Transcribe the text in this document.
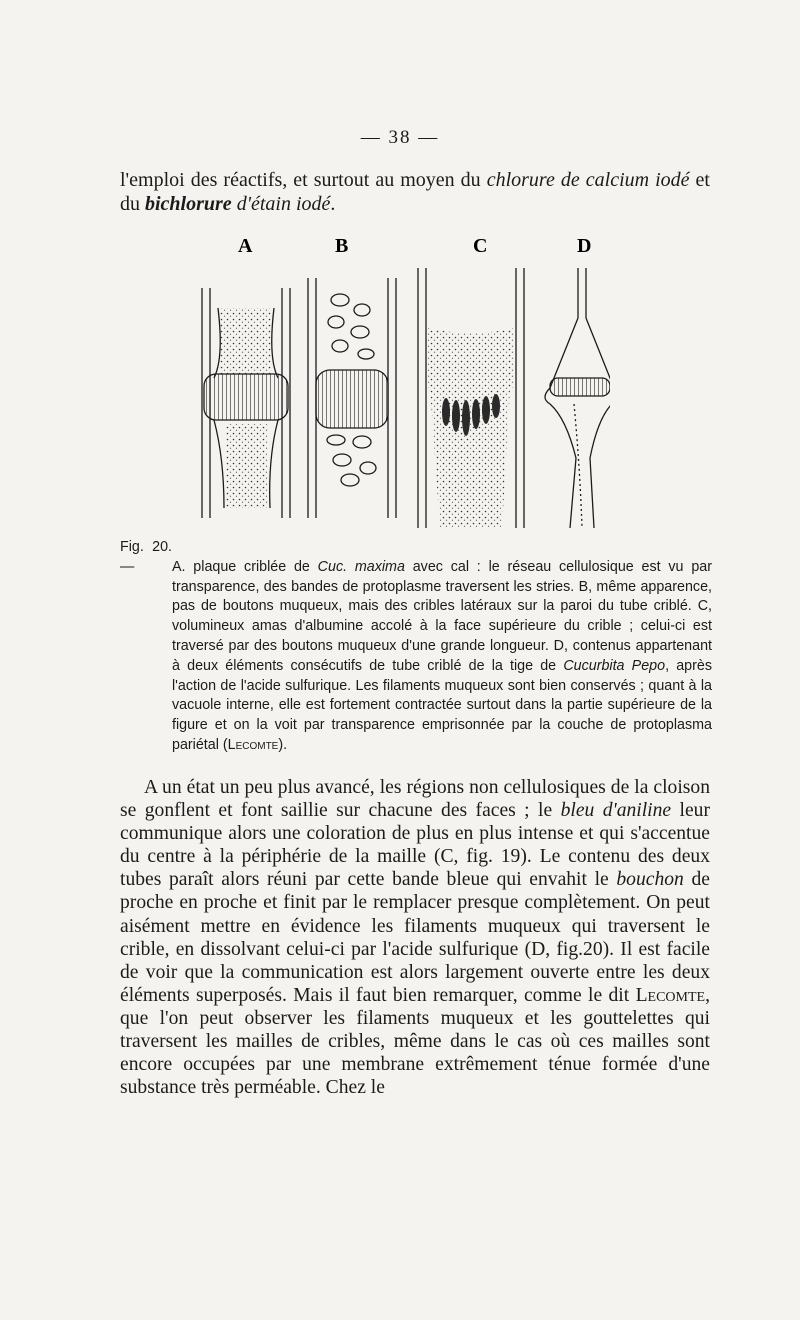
— 38 —

l'emploi des réactifs, et surtout au moyen du chlorure de calcium iodé et du bichlorure d'étain iodé.

A	B	C	D

Fig. 20. —	A. plaque criblée de Cuc. maxima avec cal : le réseau cellulosique est vu par transparence, des bandes de protoplasme traversent les stries. B, même apparence, pas de boutons muqueux, mais des cribles latéraux sur la paroi du tube criblé. C, volumineux amas d'albumine accolé à la face supérieure du crible ; celui-ci est traversé par des boutons muqueux d'une grande longueur. D, contenus appartenant à deux éléments consécutifs de tube criblé de la tige de Cucurbita Pepo, après l'action de l'acide sulfurique. Les filaments muqueux sont bien conservés ; quant à la vacuole interne, elle est fortement contractée surtout dans la partie supérieure de la figure et on la voit par transparence emprisonnée par la couche de protoplasma pariétal (Lecomte).

A un état un peu plus avancé, les régions non cellulosiques de la cloison se gonflent et font saillie sur chacune des faces ; le bleu d'aniline leur communique alors une coloration de plus en plus intense et qui s'accentue du centre à la périphérie de la maille (C, fig. 19). Le contenu des deux tubes paraît alors réuni par cette bande bleue qui envahit le bouchon de proche en proche et finit par le remplacer presque complètement. On peut aisément mettre en évidence les filaments muqueux qui traversent le crible, en dissolvant celui-ci par l'acide sulfurique (D, fig.20). Il est facile de voir que la communication est alors largement ouverte entre les deux éléments superposés. Mais il faut bien remarquer, comme le dit Lecomte, que l'on peut observer les filaments muqueux et les gouttelettes qui traversent les mailles de cribles, même dans le cas où ces mailles sont encore occupées par une membrane extrêmement ténue formée d'une substance très perméable. Chez le
